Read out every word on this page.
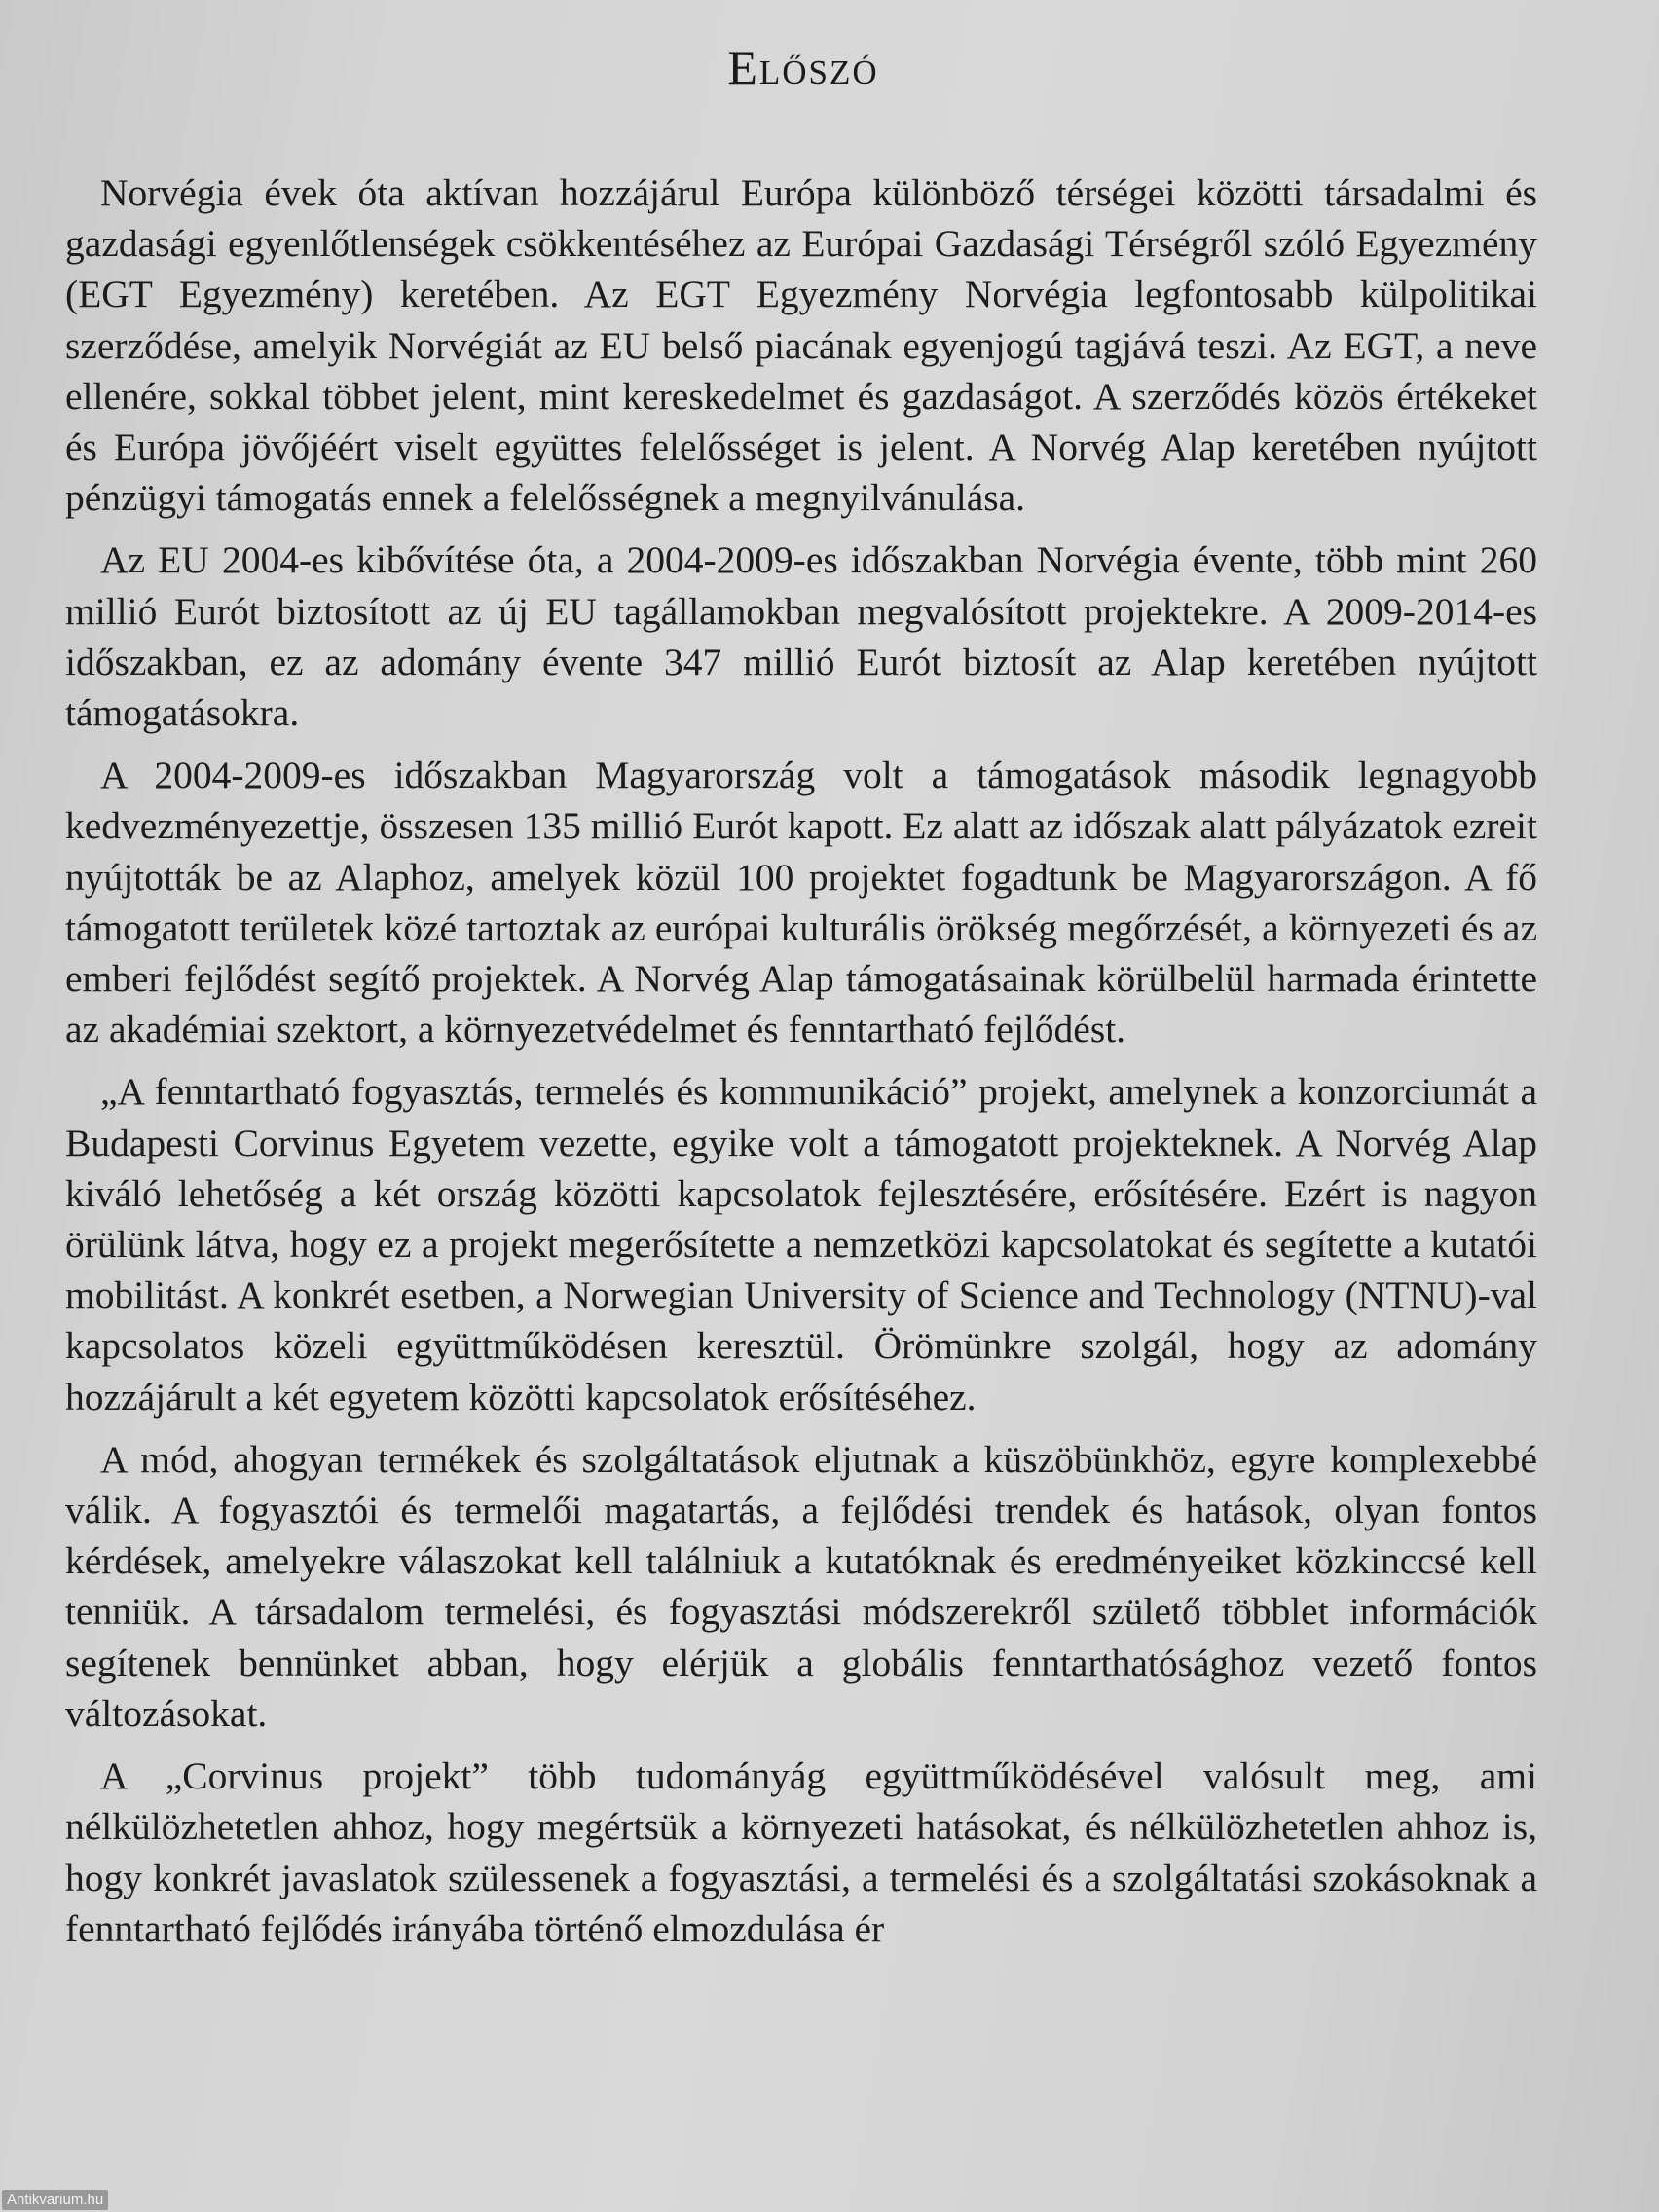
Előszó

Norvégia évek óta aktívan hozzájárul Európa különböző térségei közötti társadalmi és gazdasági egyenlőtlenségek csökkentéséhez az Európai Gazdasági Térségről szóló Egyezmény (EGT Egyezmény) keretében. Az EGT Egyezmény Norvégia legfontosabb külpolitikai szerződése, amelyik Norvégiát az EU belső piacának egyenjogú tagjává teszi. Az EGT, a neve ellenére, sokkal többet jelent, mint kereskedelmet és gazdaságot. A szerződés közös értékeket és Európa jövőjéért viselt együttes felelősséget is jelent. A Norvég Alap keretében nyújtott pénzügyi támogatás ennek a felelősségnek a megnyilvánulása.

Az EU 2004-es kibővítése óta, a 2004-2009-es időszakban Norvégia évente, több mint 260 millió Eurót biztosított az új EU tagállamokban megvalósított projektekre. A 2009-2014-es időszakban, ez az adomány évente 347 millió Eurót biztosít az Alap keretében nyújtott támogatásokra.

A 2004-2009-es időszakban Magyarország volt a támogatások második legnagyobb kedvezményezettje, összesen 135 millió Eurót kapott. Ez alatt az időszak alatt pályázatok ezreit nyújtották be az Alaphoz, amelyek közül 100 projektet fogadtunk be Magyarországon. A fő támogatott területek közé tartoztak az európai kulturális örökség megőrzését, a környezeti és az emberi fejlődést segítő projektek. A Norvég Alap támogatásainak körülbelül harmada érintette az akadémiai szektort, a környezetvédelmet és fenntartható fejlődést.

„A fenntartható fogyasztás, termelés és kommunikáció” projekt, amelynek a konzorciumát a Budapesti Corvinus Egyetem vezette, egyike volt a támogatott projekteknek. A Norvég Alap kiváló lehetőség a két ország közötti kapcsolatok fejlesztésére, erősítésére. Ezért is nagyon örülünk látva, hogy ez a projekt megerősítette a nemzetközi kapcsolatokat és segítette a kutatói mobilitást. A konkrét esetben, a Norwegian University of Science and Technology (NTNU)-val kapcsolatos közeli együttműködésen keresztül. Örömünkre szolgál, hogy az adomány hozzájárult a két egyetem közötti kapcsolatok erősítéséhez.

A mód, ahogyan termékek és szolgáltatások eljutnak a küszöbünkhöz, egyre komplexebbé válik. A fogyasztói és termelői magatartás, a fejlődési trendek és hatások, olyan fontos kérdések, amelyekre válaszokat kell találniuk a kutatóknak és eredményeiket közkinccsé kell tenniük. A társadalom termelési, és fogyasztási módszerekről születő többlet információk segítenek bennünket abban, hogy elérjük a globális fenntarthatósághoz vezető fontos változásokat.

A „Corvinus projekt” több tudományág együttműködésével valósult meg, ami nélkülözhetetlen ahhoz, hogy megértsük a környezeti hatásokat, és nélkülözhetetlen ahhoz is, hogy konkrét javaslatok szülessenek a fogyasztási, a termelési és a szolgáltatási szokásoknak a fenntartható fejlődés irányába történő elmozdulása ér

Antikvarium.hu
